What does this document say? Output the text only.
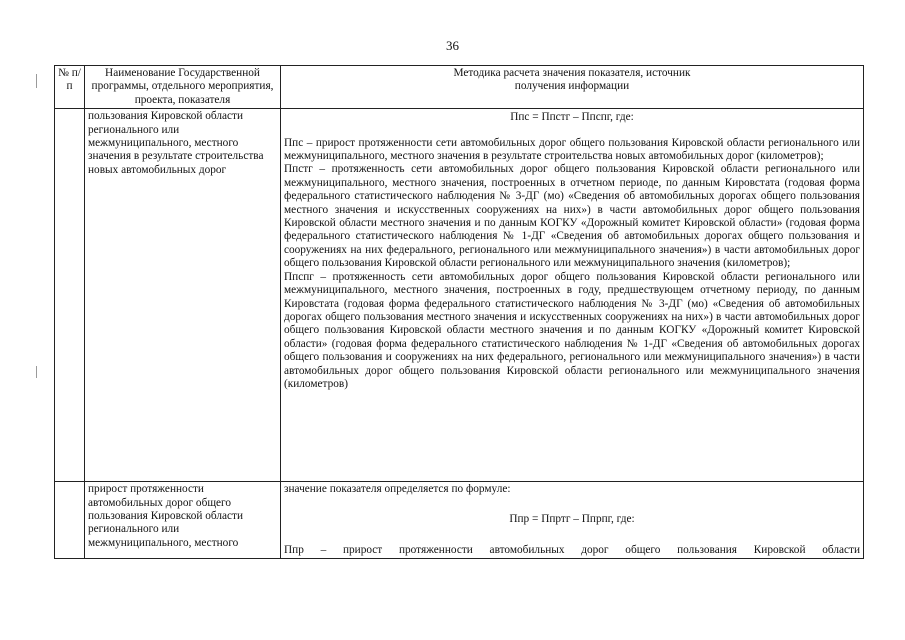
36
№ п/п	Наименование Государственной программы, отдельного мероприятия, проекта, показателя	Методика расчета значения показателя, источник получения информации
	пользования Кировской области регионального или межмуниципального, местного значения в результате строительства новых автомобильных дорог	Ппс = Ппстг – Ппспг, где:

Ппс – прирост протяженности сети автомобильных дорог общего пользования Кировской области регионального или межмуниципального, местного значения в результате строительства новых автомобильных дорог (километров);

Ппстг – протяженность сети автомобильных дорог общего пользования Кировской области регионального или межмуниципального, местного значения, построенных в отчетном периоде, по данным Кировстата (годовая форма федерального статистического наблюдения № 3-ДГ (мо) «Сведения об автомобильных дорогах общего пользования местного значения и искусственных сооружениях на них») в части автомобильных дорог общего пользования Кировской области местного значения и по данным КОГКУ «Дорожный комитет Кировской области» (годовая форма федерального статистического наблюдения № 1-ДГ «Сведения об автомобильных дорогах общего пользования и сооружениях на них федерального, регионального или межмуниципального значения») в части автомобильных дорог общего пользования Кировской области регионального или межмуниципального значения (километров);

Ппспг – протяженность сети автомобильных дорог общего пользования Кировской области регионального или межмуниципального, местного значения, построенных в году, предшествующем отчетному периоду, по данным Кировстата (годовая форма федерального статистического наблюдения № 3-ДГ (мо) «Сведения об автомобильных дорогах общего пользования местного значения и искусственных сооружениях на них») в части автомобильных дорог общего пользования Кировской области местного значения и по данным КОГКУ «Дорожный комитет Кировской области» (годовая форма федерального статистического наблюдения № 1-ДГ «Сведения об автомобильных дорогах общего пользования и сооружениях на них федерального, регионального или межмуниципального значения») в части автомобильных дорог общего пользования Кировской области регионального или межмуниципального значения (километров)

	прирост протяженности автомобильных дорог общего пользования Кировской области регионального или межмуниципального, местного	значение показателя определяется по формуле:

Ппр = Ппртг – Ппрпг, где:

Ппр – прирост протяженности автомобильных дорог общего пользования Кировской области
